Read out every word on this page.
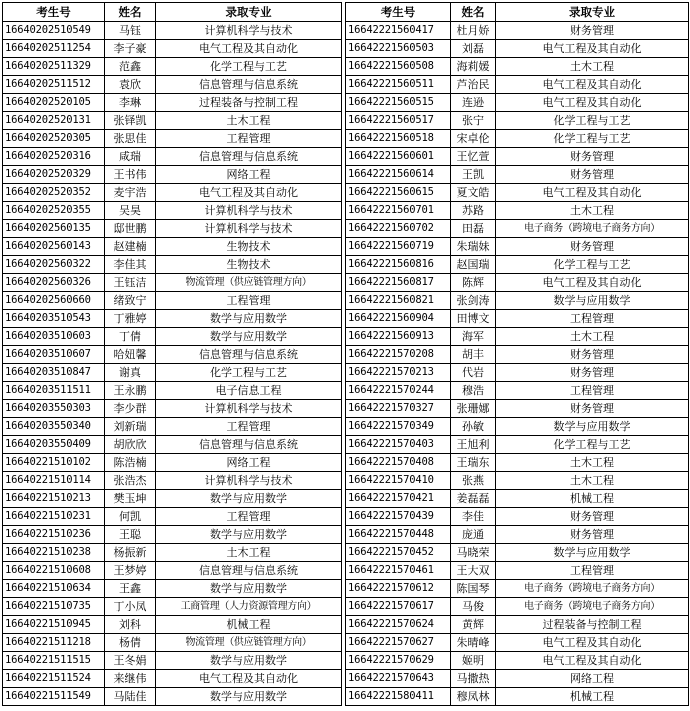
考生号	姓名	录取专业
16640202510549	马钰	计算机科学与技术
16640202511254	李子豪	电气工程及其自动化
16640202511329	范鑫	化学工程与工艺
16640202511512	袁欣	信息管理与信息系统
16640202520105	李琳	过程装备与控制工程
16640202520131	张铎凯	土木工程
16640202520305	张思佳	工程管理
16640202520316	咸瑞	信息管理与信息系统
16640202520329	王书伟	网络工程
16640202520352	麦宇浩	电气工程及其自动化
16640202520355	吴昊	计算机科学与技术
16640202560135	邸世鹏	计算机科学与技术
16640202560143	赵建楠	生物技术
16640202560322	李佳其	生物技术
16640202560326	王钰洁	物流管理（供应链管理方向）
16640202560660	绪致宁	工程管理
16640203510543	丁雅婷	数学与应用数学
16640203510603	丁倩	数学与应用数学
16640203510607	哈妞馨	信息管理与信息系统
16640203510847	谢真	化学工程与工艺
16640203511511	王永鹏	电子信息工程
16640203550303	李少群	计算机科学与技术
16640203550340	刘新瑞	工程管理
16640203550409	胡欣欣	信息管理与信息系统
16640221510102	陈浩楠	网络工程
16640221510114	张浩杰	计算机科学与技术
16640221510213	樊玉坤	数学与应用数学
16640221510231	何凯	工程管理
16640221510236	王聪	数学与应用数学
16640221510238	杨振新	土木工程
16640221510608	王梦婷	信息管理与信息系统
16640221510634	王鑫	数学与应用数学
16640221510735	丁小凤	工商管理（人力资源管理方向）
16640221510945	刘科	机械工程
16640221511218	杨倩	物流管理（供应链管理方向）
16640221511515	王冬娟	数学与应用数学
16640221511524	来继伟	电气工程及其自动化
16640221511549	马陆佳	数学与应用数学
考生号	姓名	录取专业
16642221560417	杜月娇	财务管理
16642221560503	刘磊	电气工程及其自动化
16642221560508	海莉媛	土木工程
16642221560511	芦治民	电气工程及其自动化
16642221560515	连逊	电气工程及其自动化
16642221560517	张宁	化学工程与工艺
16642221560518	宋卓伦	化学工程与工艺
16642221560601	王忆萱	财务管理
16642221560614	王凯	财务管理
16642221560615	夏文皓	电气工程及其自动化
16642221560701	苏路	土木工程
16642221560702	田磊	电子商务（跨境电子商务方向）
16642221560719	朱瑞妹	财务管理
16642221560816	赵国瑞	化学工程与工艺
16642221560817	陈辉	电气工程及其自动化
16642221560821	张剑涛	数学与应用数学
16642221560904	田博文	工程管理
16642221560913	海军	土木工程
16642221570208	胡丰	财务管理
16642221570213	代岩	财务管理
16642221570244	穆浩	工程管理
16642221570327	张珊娜	财务管理
16642221570349	孙敏	数学与应用数学
16642221570403	王旭利	化学工程与工艺
16642221570408	王瑞东	土木工程
16642221570410	张燕	土木工程
16642221570421	姜磊磊	机械工程
16642221570439	李佳	财务管理
16642221570448	庞通	财务管理
16642221570452	马晓荣	数学与应用数学
16642221570461	王大双	工程管理
16642221570612	陈国琴	电子商务（跨境电子商务方向）
16642221570617	马俊	电子商务（跨境电子商务方向）
16642221570624	黄辉	过程装备与控制工程
16642221570627	朱晴峰	电气工程及其自动化
16642221570629	姬明	电气工程及其自动化
16642221570643	马撒热	网络工程
16642221580411	穆凤林	机械工程
